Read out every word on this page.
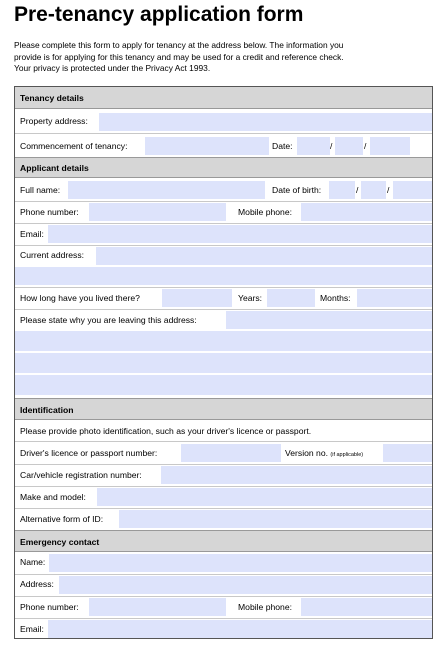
Pre-tenancy application form
Please complete this form to apply for tenancy at the address below. The information you
provide is for applying for this tenancy and may be used for a credit and reference check.
Your privacy is protected under the Privacy Act 1993.
Tenancy details
Property address:
Commencement of tenancy:	Date:	/	/
Applicant details
Full name:	Date of birth:	/	/
Phone number:	Mobile phone:
Email:
Current address:
How long have you lived there?	Years:	Months:
Please state why you are leaving this address:
Identification
Please provide photo identification, such as your driver's licence or passport.
Driver's licence or passport number:	Version no. (if applicable)
Car/vehicle registration number:
Make and model:
Alternative form of ID:
Emergency contact
Name:
Address:
Phone number:	Mobile phone:
Email:
